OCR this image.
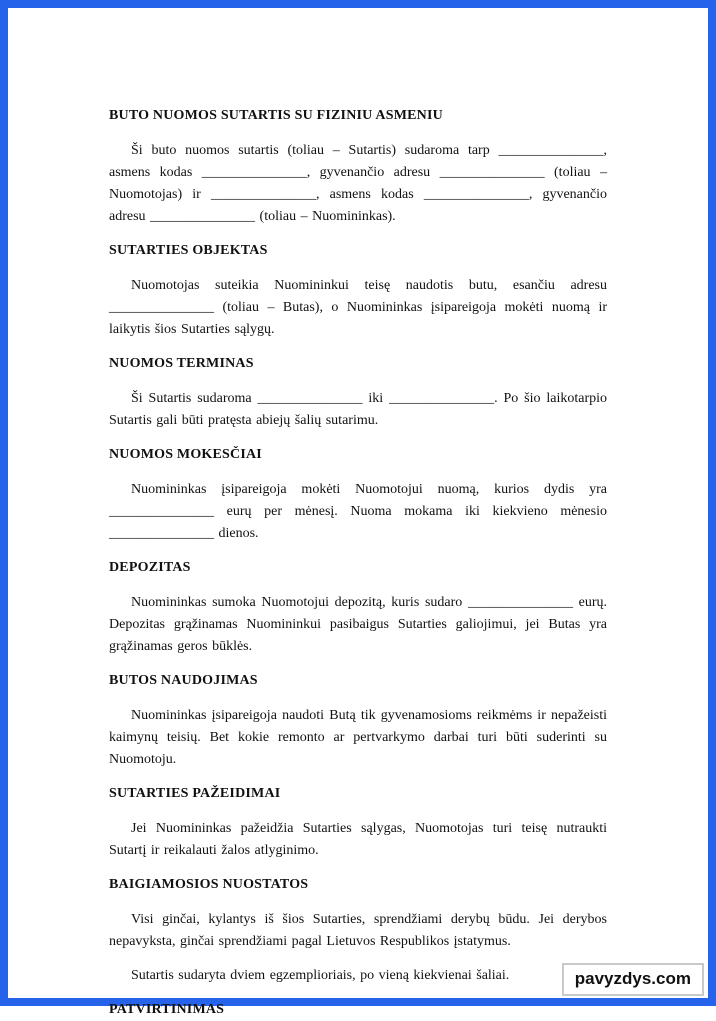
BUTO NUOMOS SUTARTIS SU FIZINIU ASMENIU

Ši buto nuomos sutartis (toliau – Sutartis) sudaroma tarp _______________, asmens kodas _______________, gyvenančio adresu _______________ (toliau – Nuomotojas) ir _______________, asmens kodas _______________, gyvenančio adresu _______________ (toliau – Nuomininkas).

SUTARTIES OBJEKTAS

Nuomotojas suteikia Nuomininkui teisę naudotis butu, esančiu adresu _______________ (toliau – Butas), o Nuomininkas įsipareigoja mokėti nuomą ir laikytis šios Sutarties sąlygų.

NUOMOS TERMINAS

Ši Sutartis sudaroma _______________ iki _______________. Po šio laikotarpio Sutartis gali būti pratęsta abiejų šalių sutarimu.

NUOMOS MOKESČIAI

Nuomininkas įsipareigoja mokėti Nuomotojui nuomą, kurios dydis yra _______________ eurų per mėnesį. Nuoma mokama iki kiekvieno mėnesio _______________ dienos.

DEPOZITAS

Nuomininkas sumoka Nuomotojui depozitą, kuris sudaro _______________ eurų. Depozitas grąžinamas Nuomininkui pasibaigus Sutarties galiojimui, jei Butas yra grąžinamas geros būklės.

BUTOS NAUDOJIMAS

Nuomininkas įsipareigoja naudoti Butą tik gyvenamosioms reikmėms ir nepažeisti kaimynų teisių. Bet kokie remonto ar pertvarkymo darbai turi būti suderinti su Nuomotoju.

SUTARTIES PAŽEIDIMAI

Jei Nuomininkas pažeidžia Sutarties sąlygas, Nuomotojas turi teisę nutraukti Sutartį ir reikalauti žalos atlyginimo.

BAIGIAMOSIOS NUOSTATOS

Visi ginčai, kylantys iš šios Sutarties, sprendžiami derybų būdu. Jei derybos nepavyksta, ginčai sprendžiami pagal Lietuvos Respublikos įstatymus.

Sutartis sudaryta dviem egzemplioriais, po vieną kiekvienai šaliai.

PATVIRTINIMAS
pavyzdys.com
